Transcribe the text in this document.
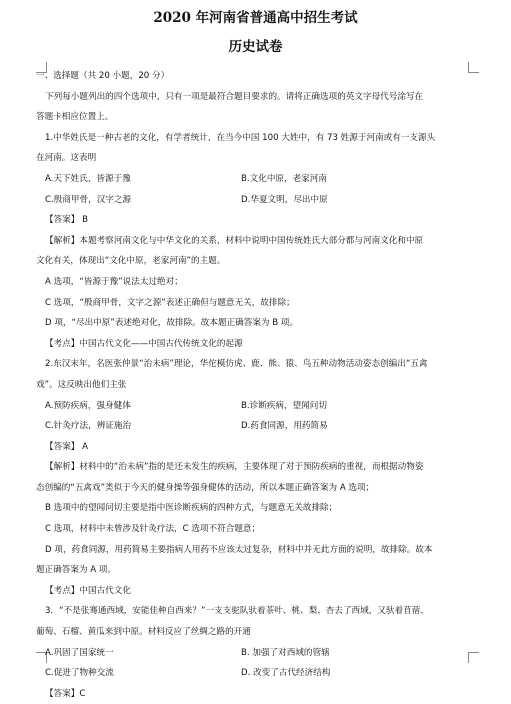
2020 年河南省普通高中招生考试
历史试卷
一、选择题（共 20 小题，20 分）
下列每小题列出的四个选项中，只有一项是最符合题目要求的。请将正确选项的英文字母代号涂写在
答题卡相应位置上。
1.中华姓氏是一种古老的文化，有学者统计，在当今中国 100 大姓中，有 73 姓源于河南或有一支源头
在河南。这表明
A.天下姓氏，皆源于豫	B.文化中原，老家河南
C.殷商甲骨，汉字之源	D.华夏文明，尽出中原
【答案】 B
【解析】本题考察河南文化与中华文化的关系，材料中说明中国传统姓氏大部分都与河南文化和中原
文化有关，体现出“文化中原，老家河南”的主题。
A 选项，“皆源于豫”说法太过绝对；
C 选项，“殷商甲骨，文字之源”表述正确但与题意无关，故排除；
D 项，“尽出中原”表述绝对化，故排除。故本题正确答案为 B 项。
【考点】中国古代文化——中国古代传统文化的起源
2.东汉末年，名医张仲景“治未病”理论，华佗模仿虎、鹿、熊、猿、鸟五种动物活动姿态创编出“五禽
戏”。这反映出他们主张
A.预防疾病，强身健体	B.诊断疾病，望闻问切
C.针灸疗法，辨证施治	D.药食同源，用药简易
【答案】 A
【解析】材料中的“治未病”指的是还未发生的疾病，主要体现了对于预防疾病的重视，而根据动物姿
态创编的“五禽戏”类似于今天的健身操等强身健体的活动，所以本题正确答案为 A 选项；
B 选项中的望闻问切主要是指中医诊断疾病的四种方式，与题意无关故排除；
C 选项，材料中未曾涉及针灸疗法，C 选项不符合题意；
D 项，药食同源，用药简易主要指病人用药不应该太过复杂，材料中并无此方面的说明，故排除。故本
题正确答案为 A 项。
【考点】中国古代文化
3．“不是张骞通西域，安能佳种自西来？”一支支驼队驮着茶叶、桃、梨、杏去了西域，又驮着苜蓿、
葡萄、石榴、黄瓜来到中原。材料反应了丝绸之路的开通
A.巩固了国家统一	B. 加强了对西域的管辖
C.促进了物种交流	D. 改变了古代经济结构
【答案】C
